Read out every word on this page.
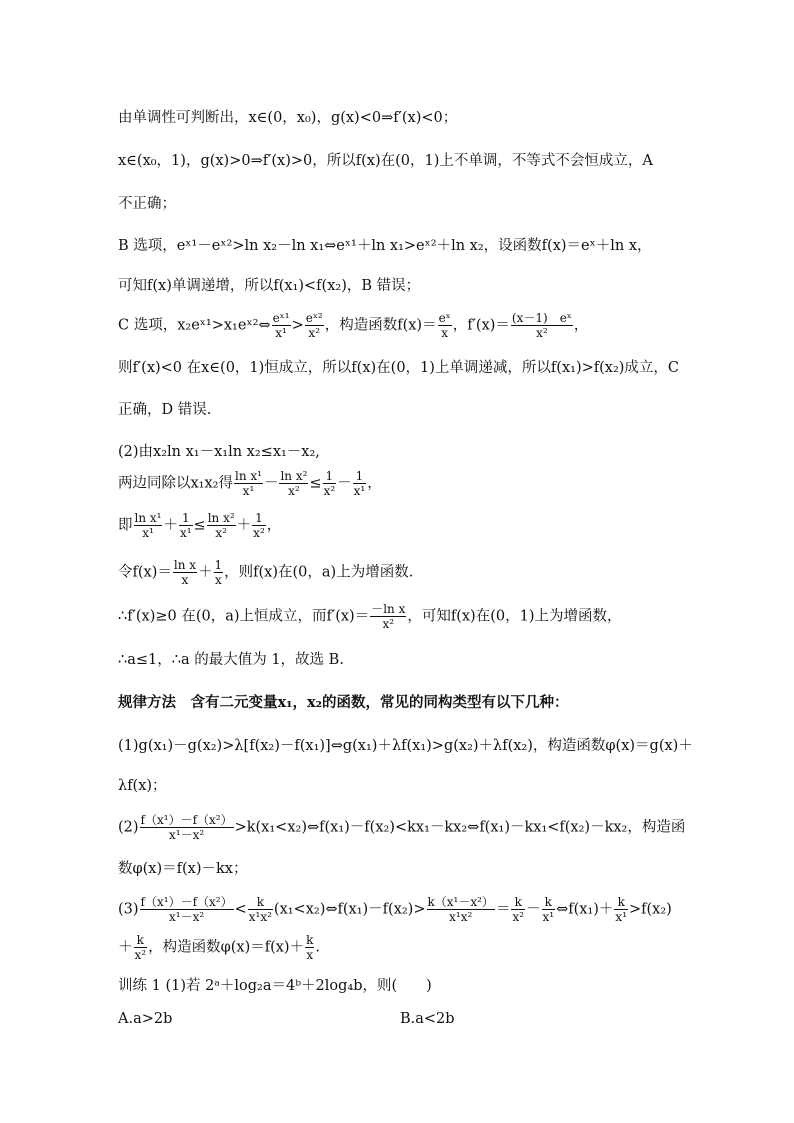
由单调性可判断出，x∈(0，x₀)，g(x)<0⇒f′(x)<0；
x∈(x₀，1)，g(x)>0⇒f′(x)>0，所以f(x)在(0，1)上不单调，不等式不会恒成立，A
不正确；
B 选项，eˣ¹－eˣ²>ln x₂－ln x₁⇔eˣ¹＋ln x₁>eˣ²＋ln x₂，设函数f(x)＝eˣ＋ln x，
可知f(x)单调递增，所以f(x₁)<f(x₂)，B 错误；
C 选项，x₂eˣ¹>x₁eˣ²⇔ $\frac{\text{eˣ¹}}{\text{x¹}} > \frac{\text{eˣ²}}{\text{x²}}$ ，构造函数$f(x)= \frac{\text{eˣ}}{x}$ ，$f'(x)= \frac{\text{(x－1)　eˣ}}{\text{x²}}$ ，
则f′(x)<0 在x∈(0，1)恒成立，所以f(x)在(0，1)上单调递减，所以f(x₁)>f(x₂)成立，C
正确，D 错误.
(2)由x₂ln x₁－x₁ln x₂≤x₁－x₂,
两边同除以x₁x₂得 $\frac{\text{ln x¹}}{\text{x¹}} - \frac{\text{ln x²}}{\text{x²}} \le \frac{1}{\text{x²}} - \frac{1}{\text{x¹}}$ ，
即 $\frac{\text{ln x¹}}{\text{x¹}} + \frac{1}{\text{x¹}} \le \frac{\text{ln x²}}{\text{x²}} + \frac{1}{\text{x²}}$ ，
令$f(x)= \frac{\text{ln x}}{x} + \frac{1}{x}$ ，则f(x)在(0，a)上为增函数.
∴f′(x)≥0 在(0，a)上恒成立，而$f'(x)= \frac{\text{－ln x}}{\text{x²}}$ ，可知f(x)在(0，1)上为增函数，
∴a≤1，∴a 的最大值为 1，故选 B.
规律方法　含有二元变量x₁，x₂的函数，常见的同构类型有以下几种：
(1)g(x₁)－g(x₂)>λ[f(x₂)－f(x₁)]⇔g(x₁)＋λf(x₁)>g(x₂)＋λf(x₂)，构造函数φ(x)＝g(x)＋
λf(x)；
$(2) \frac{\text{f（x¹）－f（x²）}}{\text{x¹－x²}}$ >k(x₁<x₂)⇔f(x₁)－f(x₂)<kx₁－kx₂⇔f(x₁)－kx₁<f(x₂)－kx₂，构造函
数φ(x)＝f(x)－kx；
$(3) \frac{\text{f（x¹）－f（x²）}}{\text{x¹－x²}} < \frac{k}{\text{x¹x²}}$ (x₁<x₂)⇔f(x₁)－f(x₂)> $\frac{\text{k（x¹－x²）}}{\text{x¹x²}} = \frac{k}{\text{x²}} - \frac{k}{\text{x¹}}$ ⇔f(x₁)＋ $\frac{k}{\text{x¹}} >f(x_2)$
＋ $\frac{k}{\text{x²}}$ ，构造函数$\varphi(x)=f(x)+ \frac{k}{x}$ .
训练 1 (1)若 2ᵃ＋log₂a＝4ᵇ＋2log₄b，则(　　)
A.a>2b	B.a<2b
